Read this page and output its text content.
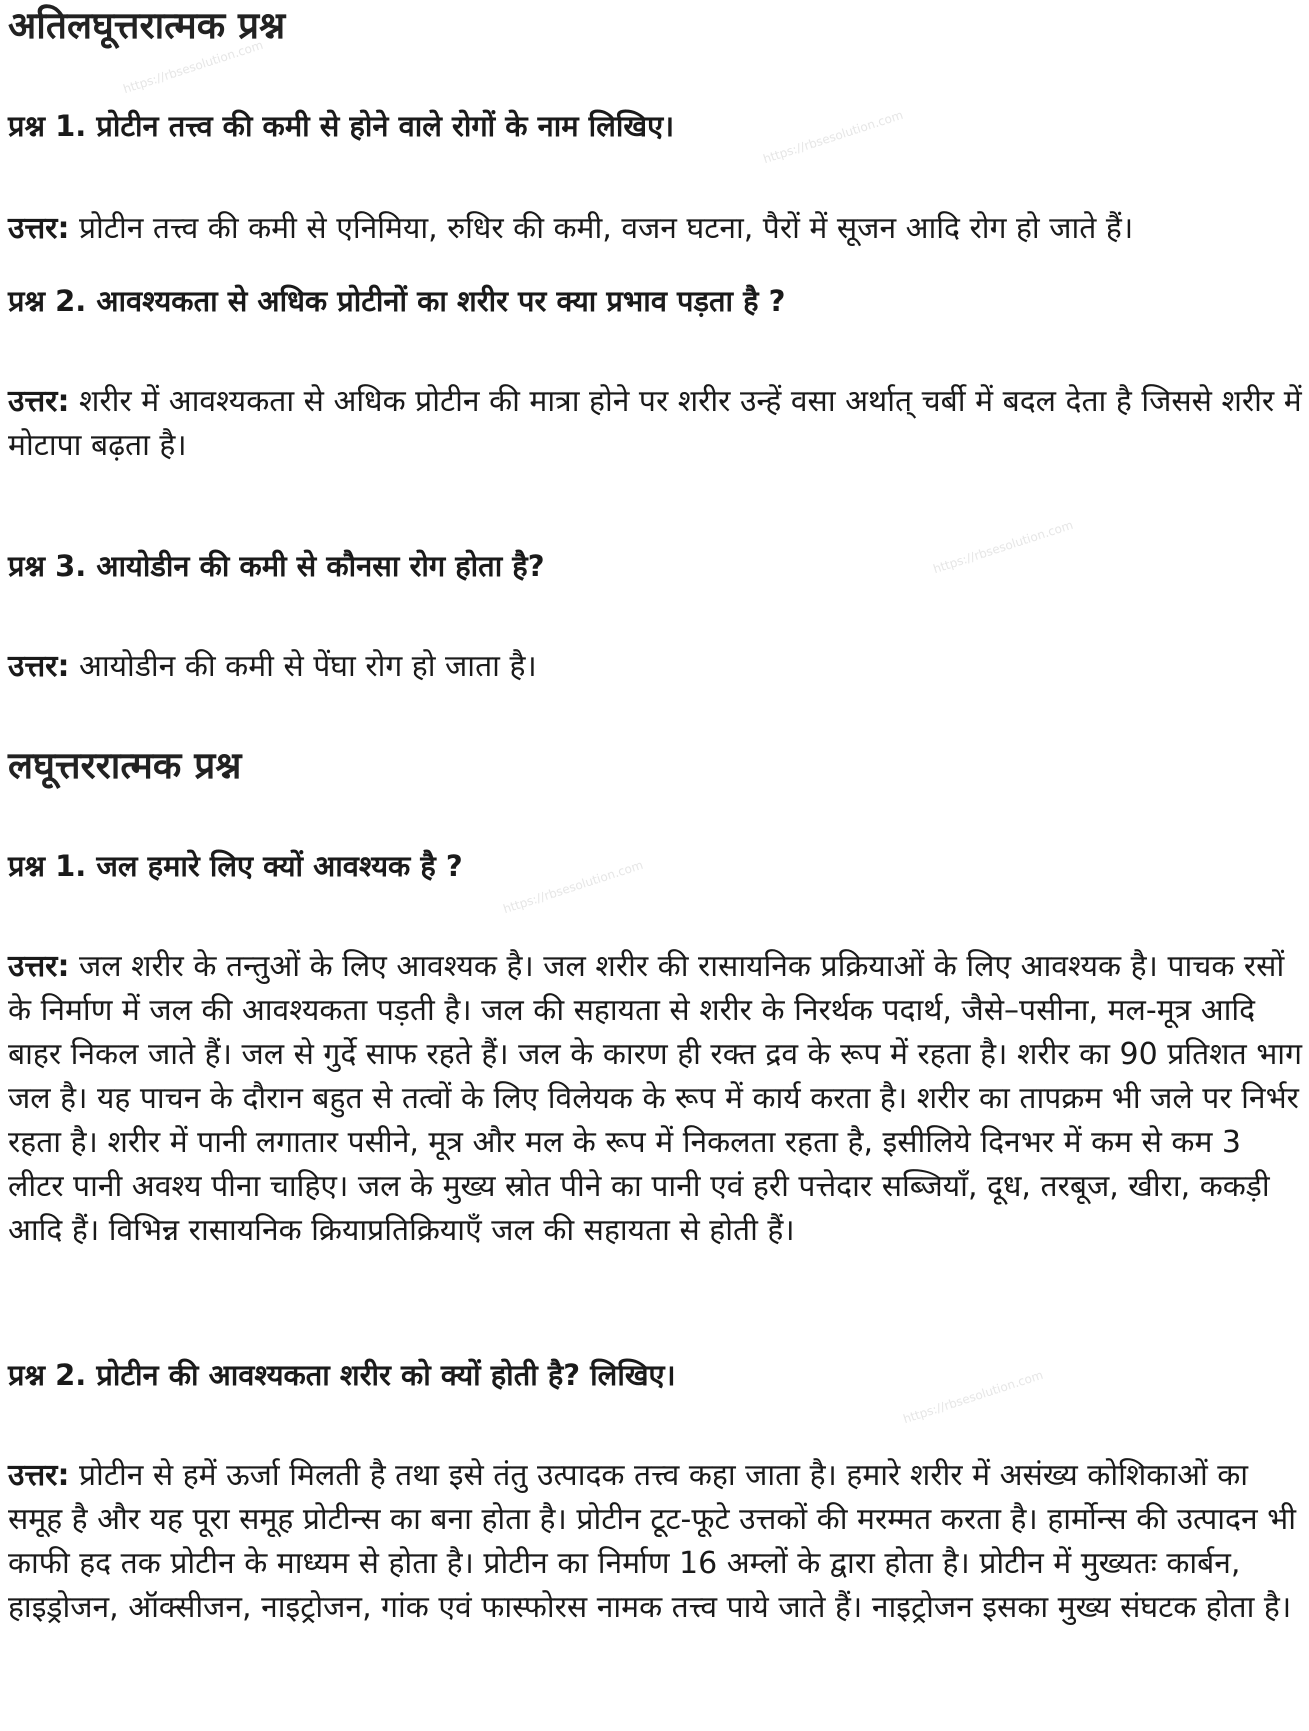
https://rbsesolution.com
https://rbsesolution.com
https://rbsesolution.com
https://rbsesolution.com
https://rbsesolution.com
अतिलघूत्तरात्मक प्रश्न
प्रश्न 1. प्रोटीन तत्त्व की कमी से होने वाले रोगों के नाम लिखिए।
उत्तर: प्रोटीन तत्त्व की कमी से एनिमिया, रुधिर की कमी, वजन घटना, पैरों में सूजन आदि रोग हो जाते हैं।
प्रश्न 2. आवश्यकता से अधिक प्रोटीनों का शरीर पर क्या प्रभाव पड़ता है ?
उत्तर: शरीर में आवश्यकता से अधिक प्रोटीन की मात्रा होने पर शरीर उन्हें वसा अर्थात् चर्बी में बदल देता है जिससे शरीर में मोटापा बढ़ता है।
प्रश्न 3. आयोडीन की कमी से कौनसा रोग होता है?
उत्तर: आयोडीन की कमी से पेंघा रोग हो जाता है।
लघूत्तररात्मक प्रश्न
प्रश्न 1. जल हमारे लिए क्यों आवश्यक है ?
उत्तर: जल शरीर के तन्तुओं के लिए आवश्यक है। जल शरीर की रासायनिक प्रक्रियाओं के लिए आवश्यक है। पाचक रसों के निर्माण में जल की आवश्यकता पड़ती है। जल की सहायता से शरीर के निरर्थक पदार्थ, जैसे–पसीना, मल-मूत्र आदि बाहर निकल जाते हैं। जल से गुर्दे साफ रहते हैं। जल के कारण ही रक्त द्रव के रूप में रहता है। शरीर का 90 प्रतिशत भाग जल है। यह पाचन के दौरान बहुत से तत्वों के लिए विलेयक के रूप में कार्य करता है। शरीर का तापक्रम भी जले पर निर्भर रहता है। शरीर में पानी लगातार पसीने, मूत्र और मल के रूप में निकलता रहता है, इसीलिये दिनभर में कम से कम 3 लीटर पानी अवश्य पीना चाहिए। जल के मुख्य स्रोत पीने का पानी एवं हरी पत्तेदार सब्जियाँ, दूध, तरबूज, खीरा, ककड़ी आदि हैं। विभिन्न रासायनिक क्रियाप्रतिक्रियाएँ जल की सहायता से होती हैं।
प्रश्न 2. प्रोटीन की आवश्यकता शरीर को क्यों होती है? लिखिए।
उत्तर: प्रोटीन से हमें ऊर्जा मिलती है तथा इसे तंतु उत्पादक तत्त्व कहा जाता है। हमारे शरीर में असंख्य कोशिकाओं का समूह है और यह पूरा समूह प्रोटीन्स का बना होता है। प्रोटीन टूट-फूटे उत्तकों की मरम्मत करता है। हार्मोन्स की उत्पादन भी काफी हद तक प्रोटीन के माध्यम से होता है। प्रोटीन का निर्माण 16 अम्लों के द्वारा होता है। प्रोटीन में मुख्यतः कार्बन, हाइड्रोजन, ऑक्सीजन, नाइट्रोजन, गांक एवं फास्फोरस नामक तत्त्व पाये जाते हैं। नाइट्रोजन इसका मुख्य संघटक होता है।
